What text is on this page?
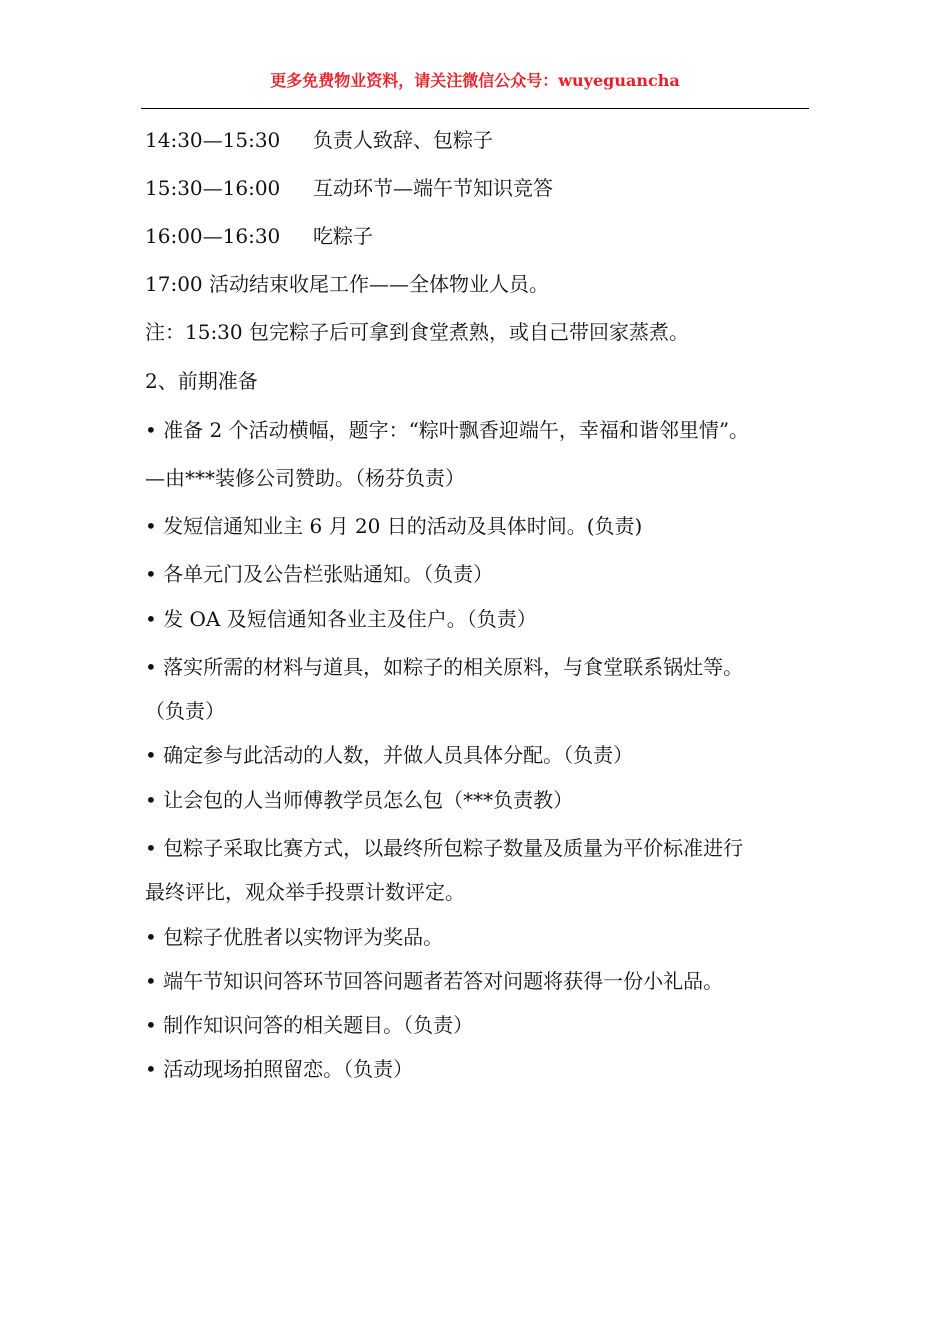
更多免费物业资料，请关注微信公众号：wuyeguancha
14:30—15:30 负责人致辞、包粽子
15:30—16:00 互动环节—端午节知识竞答
16:00—16:30 吃粽子
17:00 活动结束收尾工作——全体物业人员。
注：15:30 包完粽子后可拿到食堂煮熟，或自己带回家蒸煮。
2、前期准备
• 准备 2 个活动横幅，题字：“粽叶飘香迎端午，幸福和谐邻里情”。
—由***装修公司赞助。（杨芬负责）
• 发短信通知业主 6 月 20 日的活动及具体时间。(负责)
• 各单元门及公告栏张贴通知。（负责）
• 发 OA 及短信通知各业主及住户。（负责）
• 落实所需的材料与道具，如粽子的相关原料，与食堂联系锅灶等。
（负责）
• 确定参与此活动的人数，并做人员具体分配。（负责）
• 让会包的人当师傅教学员怎么包（***负责教）
• 包粽子采取比赛方式，以最终所包粽子数量及质量为平价标准进行
最终评比，观众举手投票计数评定。
• 包粽子优胜者以实物评为奖品。
• 端午节知识问答环节回答问题者若答对问题将获得一份小礼品。
• 制作知识问答的相关题目。（负责）
• 活动现场拍照留恋。（负责）
